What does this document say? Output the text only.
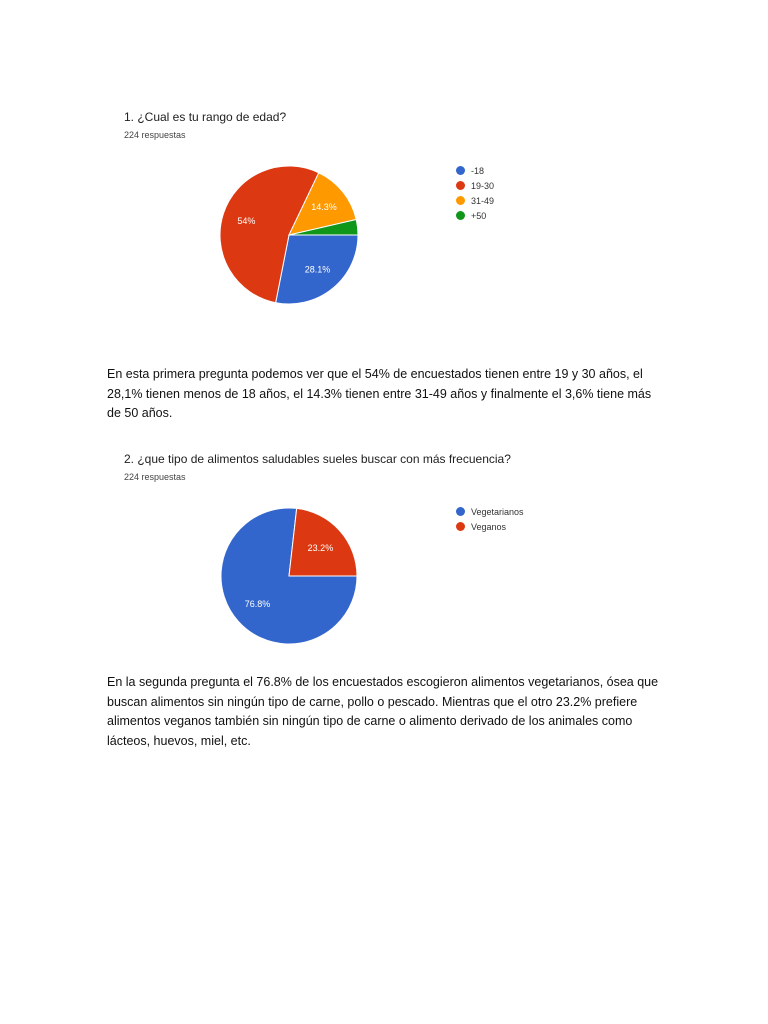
1. ¿Cual es tu rango de edad?
224 respuestas
28.1%
54%
14.3%
-18
19-30
31-49
+50

En esta primera pregunta podemos ver que el 54% de encuestados tienen entre 19 y 30 años, el 28,1% tienen menos de 18 años, el 14.3% tienen entre 31-49 años y finalmente el 3,6% tiene más de 50 años.

2. ¿que tipo de alimentos saludables sueles buscar con más frecuencia?
224 respuestas
76.8%
23.2%
Vegetarianos
Veganos

En la segunda pregunta el 76.8% de los encuestados escogieron alimentos vegetarianos, ósea que buscan alimentos sin ningún tipo de carne, pollo o pescado. Mientras que el otro 23.2% prefiere alimentos veganos también sin ningún tipo de carne o alimento derivado de los animales como lácteos, huevos, miel, etc.
